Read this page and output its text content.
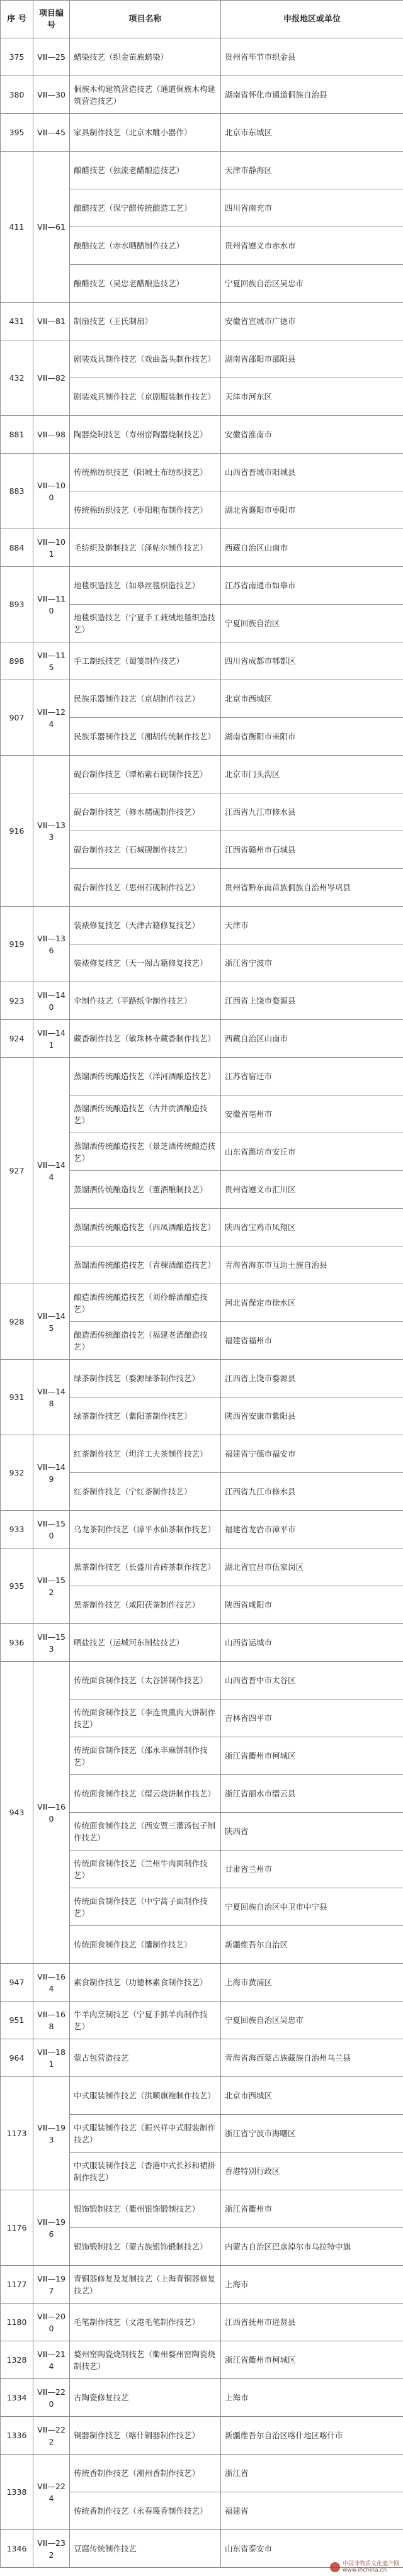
序 号	项目编号	项目名称	申报地区或单位
375	Ⅷ—25	蜡染技艺（织金苗族蜡染）	贵州省毕节市织金县
380	Ⅷ—30	侗族木构建筑营造技艺（通道侗族木构建筑营造技艺）	湖南省怀化市通道侗族自治县
395	Ⅷ—45	家具制作技艺（北京木雕小器作）	北京市东城区
411	Ⅷ—61	酿醋技艺（独流老醋酿造技艺）	天津市静海区
		酿醋技艺（保宁醋传统酿造工艺）	四川省南充市
		酿醋技艺（赤水晒醋制作技艺）	贵州省遵义市赤水市
		酿醋技艺（吴忠老醋酿造技艺）	宁夏回族自治区吴忠市
431	Ⅷ—81	制扇技艺（王氏制扇）	安徽省宣城市广德市
432	Ⅷ—82	剧装戏具制作技艺（戏曲盔头制作技艺）	湖南省邵阳市邵阳县
		剧装戏具制作技艺（京剧服装制作技艺）	天津市河东区
881	Ⅷ—98	陶器烧制技艺（寿州窑陶器烧制技艺）	安徽省淮南市
883	Ⅷ—100	传统棉纺织技艺（阳城土布纺织技艺）	山西省晋城市阳城县
		传统棉纺织技艺（枣阳粗布制作技艺）	湖北省襄阳市枣阳市
884	Ⅷ—101	毛纺织及擀制技艺（泽帖尔制作技艺）	西藏自治区山南市
893	Ⅷ—110	地毯织造技艺（如皋丝毯织造技艺）	江苏省南通市如皋市
		地毯织造技艺（宁夏手工栽绒地毯织造技艺）	宁夏回族自治区
898	Ⅷ—115	手工制纸技艺（蜀笺制作技艺）	四川省成都市郫都区
907	Ⅷ—124	民族乐器制作技艺（京胡制作技艺）	北京市西城区
		民族乐器制作技艺（湘胡传统制作技艺）	湖南省衡阳市耒阳市
916	Ⅷ—133	砚台制作技艺（潭柘紫石砚制作技艺）	北京市门头沟区
		砚台制作技艺（修水赭砚制作技艺）	江西省九江市修水县
		砚台制作技艺（石城砚制作技艺）	江西省赣州市石城县
		砚台制作技艺（思州石砚制作技艺）	贵州省黔东南苗族侗族自治州岑巩县
919	Ⅷ—136	装裱修复技艺（天津古籍修复技艺）	天津市
		装裱修复技艺（天一阁古籍修复技艺）	浙江省宁波市
923	Ⅷ—140	伞制作技艺（平路纸伞制作技艺）	江西省上饶市婺源县
924	Ⅷ—141	藏香制作技艺（敏珠林寺藏香制作技艺）	西藏自治区山南市
927	Ⅷ—144	蒸馏酒传统酿造技艺（洋河酒酿造技艺）	江苏省宿迁市
		蒸馏酒传统酿造技艺（古井贡酒酿造技艺）	安徽省亳州市
		蒸馏酒传统酿造技艺（景芝酒传统酿造技艺）	山东省潍坊市安丘市
		蒸馏酒传统酿造技艺（董酒酿制技艺）	贵州省遵义市汇川区
		蒸馏酒传统酿造技艺（西凤酒酿造技艺）	陕西省宝鸡市凤翔区
		蒸馏酒传统酿造技艺（青稞酒酿造技艺）	青海省海东市互助土族自治县
928	Ⅷ—145	酿造酒传统酿造技艺（刘伶醉酒酿造技艺）	河北省保定市徐水区
		酿造酒传统酿造技艺（福建老酒酿造技艺）	福建省福州市
931	Ⅷ—148	绿茶制作技艺（婺源绿茶制作技艺）	江西省上饶市婺源县
		绿茶制作技艺（紫阳茶制作技艺）	陕西省安康市紫阳县
932	Ⅷ—149	红茶制作技艺（坦洋工夫茶制作技艺）	福建省宁德市福安市
		红茶制作技艺（宁红茶制作技艺）	江西省九江市修水县
933	Ⅷ—150	乌龙茶制作技艺（漳平水仙茶制作技艺）	福建省龙岩市漳平市
935	Ⅷ—152	黑茶制作技艺（长盛川青砖茶制作技艺）	湖北省宜昌市伍家岗区
		黑茶制作技艺（咸阳茯茶制作技艺）	陕西省咸阳市
936	Ⅷ—153	晒盐技艺（运城河东制盐技艺）	山西省运城市
943	Ⅷ—160	传统面食制作技艺（太谷饼制作技艺）	山西省晋中市太谷区
		传统面食制作技艺（李连贵熏肉大饼制作技艺）	吉林省四平市
		传统面食制作技艺（邵永丰麻饼制作技艺）	浙江省衢州市柯城区
		传统面食制作技艺（缙云烧饼制作技艺）	浙江省丽水市缙云县
		传统面食制作技艺（西安贾三灌汤包子制作技艺）	陕西省
		传统面食制作技艺（兰州牛肉面制作技艺）	甘肃省兰州市
		传统面食制作技艺（中宁蒿子面制作技艺）	宁夏回族自治区中卫市中宁县
		传统面食制作技艺（馕制作技艺）	新疆维吾尔自治区
947	Ⅷ—164	素食制作技艺（功德林素食制作技艺）	上海市黄浦区
951	Ⅷ—168	牛羊肉烹制技艺（宁夏手抓羊肉制作技艺）	宁夏回族自治区吴忠市
964	Ⅷ—181	蒙古包营造技艺	青海省海西蒙古族藏族自治州乌兰县
1173	Ⅷ—193	中式服装制作技艺（洪顺旗袍制作技艺）	北京市西城区
		中式服装制作技艺（振兴祥中式服装制作技艺）	浙江省宁波市海曙区
		中式服装制作技艺（香港中式长衫和裙褂制作技艺）	香港特别行政区
1176	Ⅷ—196	银饰锻制技艺（衢州银饰锻制技艺）	浙江省衢州市
		银饰锻制技艺（蒙古族银饰锻制技艺）	内蒙古自治区巴彦淖尔市乌拉特中旗
1177	Ⅷ—197	青铜器修复及复制技艺（上海青铜器修复技艺）	上海市
1180	Ⅷ—200	毛笔制作技艺（文港毛笔制作技艺）	江西省抚州市进贤县
1328	Ⅷ—214	婺州窑陶瓷烧制技艺（衢州婺州窑陶瓷烧制技艺）	浙江省衢州市柯城区
1334	Ⅷ—220	古陶瓷修复技艺	上海市
1336	Ⅷ—222	铜器制作技艺（喀什铜器制作技艺）	新疆维吾尔自治区喀什地区喀什市
1338	Ⅷ—224	传统香制作技艺（潮州香制作技艺）	浙江省
		传统香制作技艺（永春篾香制作技艺）	福建省
1346	Ⅷ—232	豆腐传统制作技艺	山东省泰安市
中国非物质文化遗产网
www.ihchina.cn
